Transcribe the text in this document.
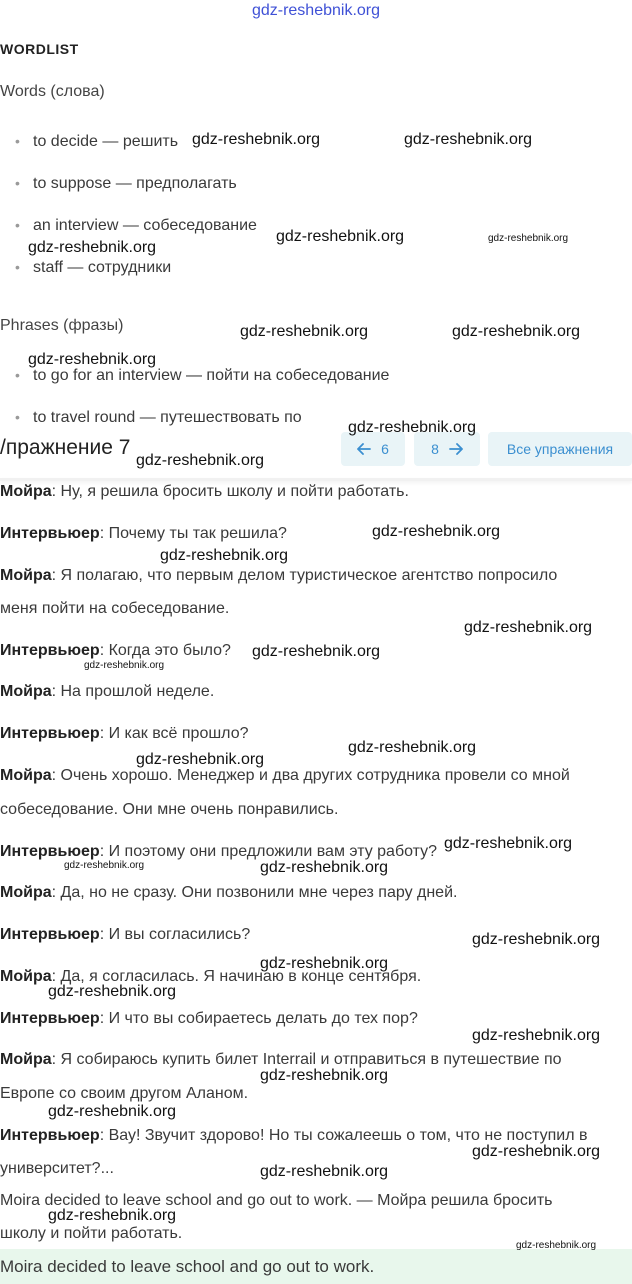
gdz-reshebnik.org
WORDLIST
Words (слова)
• to decide — решить
• to suppose — предполагать
• an interview — собеседование
• staff — сотрудники
Phrases (фразы)
• to go for an interview — пойти на собеседование
• to travel round — путешествовать по
/пражнение 7	6	8	Все упражнения
Мойра: Ну, я решила бросить школу и пойти работать.
Интервьюер: Почему ты так решила?
Мойра: Я полагаю, что первым делом туристическое агентство попросило
меня пойти на собеседование.
Интервьюер: Когда это было?
Мойра: На прошлой неделе.
Интервьюер: И как всё прошло?
Мойра: Очень хорошо. Менеджер и два других сотрудника провели со мной
собеседование. Они мне очень понравились.
Интервьюер: И поэтому они предложили вам эту работу?
Мойра: Да, но не сразу. Они позвонили мне через пару дней.
Интервьюер: И вы согласились?
Мойра: Да, я согласилась. Я начинаю в конце сентября.
Интервьюер: И что вы собираетесь делать до тех пор?
Мойра: Я собираюсь купить билет Interrail и отправиться в путешествие по
Европе со своим другом Аланом.
Интервьюер: Вау! Звучит здорово! Но ты сожалеешь о том, что не поступил в
университет?...
Moira decided to leave school and go out to work. — Мойра решила бросить
школу и пойти работать.
Moira decided to leave school and go out to work.
gdz-reshebnik.org	gdz-reshebnik.org
gdz-reshebnik.org	gdz-reshebnik.org
gdz-reshebnik.org
gdz-reshebnik.org	gdz-reshebnik.org
gdz-reshebnik.org
gdz-reshebnik.org
gdz-reshebnik.org
gdz-reshebnik.org
gdz-reshebnik.org
gdz-reshebnik.org
gdz-reshebnik.org
gdz-reshebnik.org
gdz-reshebnik.org
gdz-reshebnik.org
gdz-reshebnik.org
gdz-reshebnik.org	gdz-reshebnik.org
gdz-reshebnik.org
gdz-reshebnik.org
gdz-reshebnik.org
gdz-reshebnik.org
gdz-reshebnik.org
gdz-reshebnik.org
gdz-reshebnik.org
gdz-reshebnik.org
gdz-reshebnik.org
gdz-reshebnik.org
